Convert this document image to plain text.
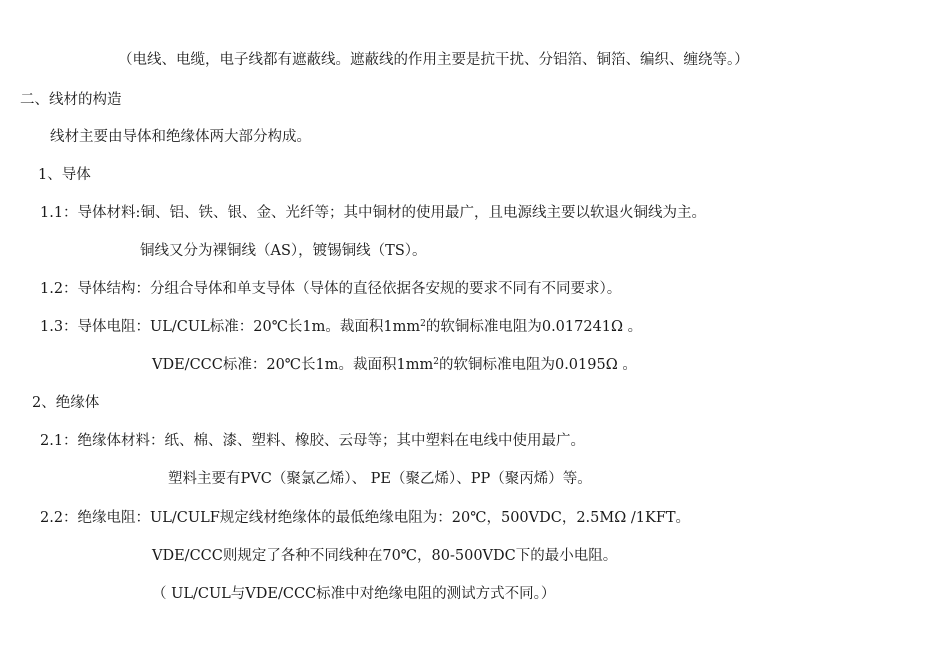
（电线、电缆，电子线都有遮蔽线。遮蔽线的作用主要是抗干扰、分铝箔、铜箔、编织、缠绕等。）
二、线材的构造
线材主要由导体和绝缘体两大部分构成。
1、导体
1.1：导体材料:铜、铝、铁、银、金、光纤等；其中铜材的使用最广，且电源线主要以软退火铜线为主。
铜线又分为裸铜线（AS），镀锡铜线（TS）。
1.2：导体结构：分组合导体和单支导体（导体的直径依据各安规的要求不同有不同要求）。
1.3：导体电阻：UL/CUL标准：20℃长1m。裁面积$1mm^2$的软铜标准电阻为0.017241Ω 。
VDE/CCC标准：20℃长1m。裁面积$1mm^2$的软铜标准电阻为0.0195Ω 。
2、绝缘体
2.1：绝缘体材料：纸、棉、漆、塑料、橡胶、云母等；其中塑料在电线中使用最广。
塑料主要有PVC（聚氯乙烯）、 PE（聚乙烯）、PP（聚丙烯）等。
2.2：绝缘电阻：UL/CULF规定线材绝缘体的最低绝缘电阻为：20℃，500VDC，2.5MΩ /1KFT。
VDE/CCC则规定了各种不同线种在70℃，80-500VDC下的最小电阻。
（ UL/CUL与VDE/CCC标准中对绝缘电阻的测试方式不同。）
